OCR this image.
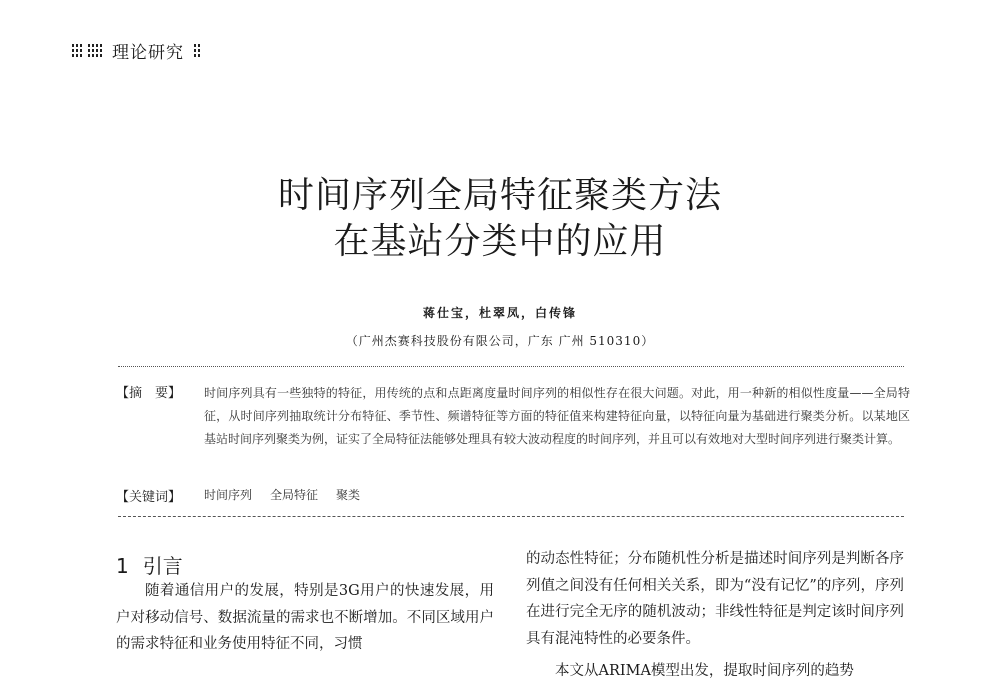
理论研究
时间序列全局特征聚类方法
在基站分类中的应用
蒋仕宝，杜翠凤，白传锋
（广州杰赛科技股份有限公司，广东 广州 510310）
【摘　要】 时间序列具有一些独特的特征，用传统的点和点距离度量时间序列的相似性存在很大问题。对此，用一种新的相似性度量——全局特征，从时间序列抽取统计分布特征、季节性、频谱特征等方面的特征值来构建特征向量，以特征向量为基础进行聚类分析。以某地区基站时间序列聚类为例，证实了全局特征法能够处理具有较大波动程度的时间序列，并且可以有效地对大型时间序列进行聚类计算。
【关键词】 时间序列 全局特征 聚类
1 引言
随着通信用户的发展，特别是3G用户的快速发展，用户对移动信号、数据流量的需求也不断增加。不同区域用户的需求特征和业务使用特征不同，习惯
的动态性特征；分布随机性分析是描述时间序列是判断各序列值之间没有任何相关关系，即为“没有记忆”的序列，序列在进行完全无序的随机波动；非线性特征是判定该时间序列具有混沌特性的必要条件。
本文从ARIMA模型出发，提取时间序列的趋势
